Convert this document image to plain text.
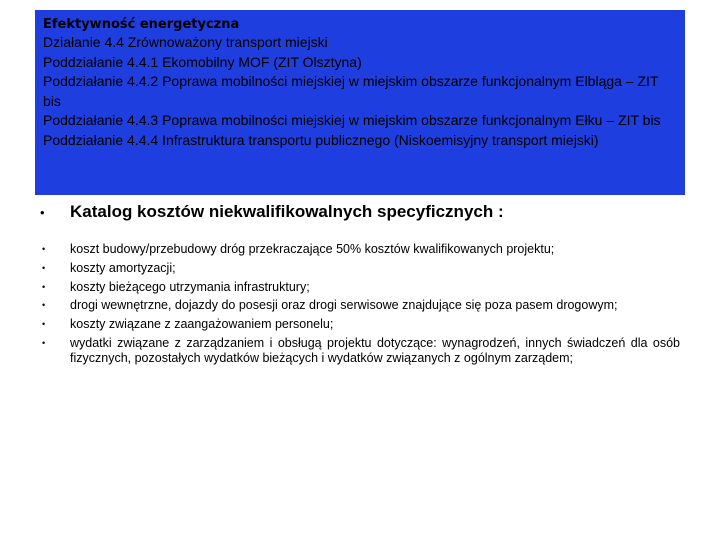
Efektywność energetyczna

Działanie 4.4 Zrównoważony transport miejski

Poddziałanie 4.4.1 Ekomobilny MOF (ZIT Olsztyna)

Poddziałanie 4.4.2 Poprawa mobilności miejskiej w miejskim obszarze funkcjonalnym Elbląga – ZIT bis

Poddziałanie 4.4.3 Poprawa mobilności miejskiej w miejskim obszarze funkcjonalnym Ełku – ZIT bis

Poddziałanie 4.4.4 Infrastruktura transportu publicznego (Niskoemisyjny transport miejski)

•	Katalog kosztów niekwalifikowalnych specyficznych :
•	koszt budowy/przebudowy dróg przekraczające 50% kosztów kwalifikowanych projektu;
•	koszty amortyzacji;
•	koszty bieżącego utrzymania infrastruktury;
•	drogi wewnętrzne, dojazdy do posesji oraz drogi serwisowe znajdujące się poza pasem drogowym;
•	koszty związane z zaangażowaniem personelu;
•	wydatki związane z zarządzaniem i obsługą projektu dotyczące: wynagrodzeń, innych świadczeń dla osób fizycznych, pozostałych wydatków bieżących i wydatków związanych z ogólnym zarządem;
